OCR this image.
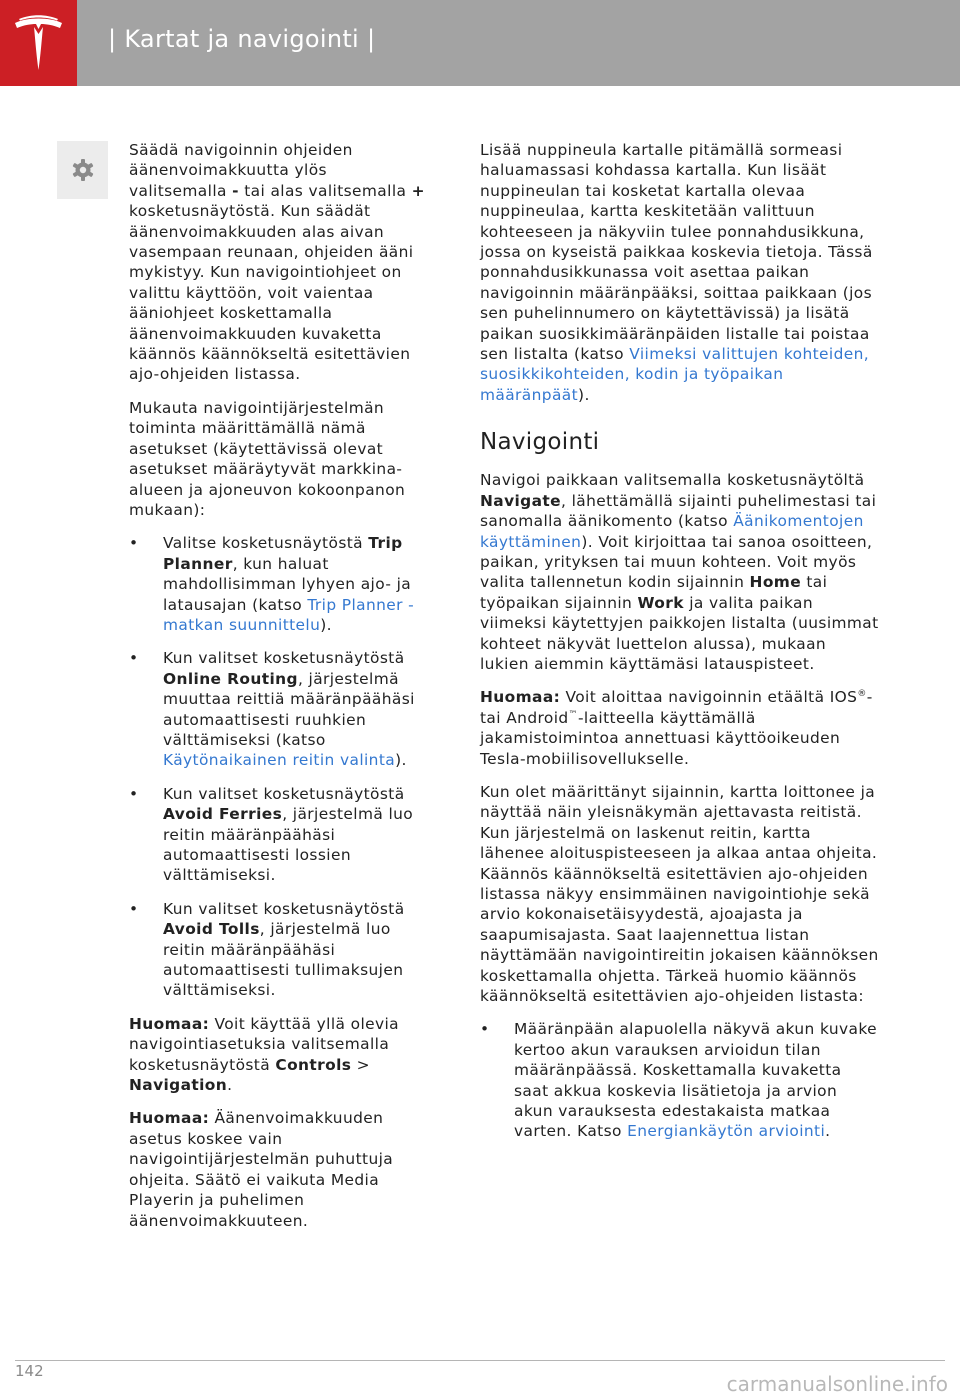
| Kartat ja navigointi |

Säädä navigoinnin ohjeiden äänenvoimakkuutta ylös valitsemalla - tai alas valitsemalla + kosketusnäytöstä. Kun säädät äänenvoimakkuuden alas aivan vasempaan reunaan, ohjeiden ääni mykistyy. Kun navigointiohjeet on valittu käyttöön, voit vaientaa ääniohjeet koskettamalla äänenvoimakkuuden kuvaketta käännös käännökseltä esitettävien ajo-ohjeiden listassa.

Mukauta navigointijärjestelmän toiminta määrittämällä nämä asetukset (käytettävissä olevat asetukset määräytyvät markkina-alueen ja ajoneuvon kokoonpanon mukaan):

• Valitse kosketusnäytöstä Trip Planner, kun haluat mahdollisimman lyhyen ajo- ja latausajan (katso Trip Planner - matkan suunnittelu).
• Kun valitset kosketusnäytöstä Online Routing, järjestelmä muuttaa reittiä määränpäähäsi automaattisesti ruuhkien välttämiseksi (katso Käytönaikainen reitin valinta).
• Kun valitset kosketusnäytöstä Avoid Ferries, järjestelmä luo reitin määränpäähäsi automaattisesti lossien välttämiseksi.
• Kun valitset kosketusnäytöstä Avoid Tolls, järjestelmä luo reitin määränpäähäsi automaattisesti tullimaksujen välttämiseksi.

Huomaa: Voit käyttää yllä olevia navigointiasetuksia valitsemalla kosketusnäytöstä Controls > Navigation.

Huomaa: Äänenvoimakkuuden asetus koskee vain navigointijärjestelmän puhuttuja ohjeita. Säätö ei vaikuta Media Playerin ja puhelimen äänenvoimakkuuteen.

Lisää nuppineula kartalle pitämällä sormeasi haluamassasi kohdassa kartalla. Kun lisäät nuppineulan tai kosketat kartalla olevaa nuppineulaa, kartta keskitetään valittuun kohteeseen ja näkyviin tulee ponnahdusikkuna, jossa on kyseistä paikkaa koskevia tietoja. Tässä ponnahdusikkunassa voit asettaa paikan navigoinnin määränpääksi, soittaa paikkaan (jos sen puhelinnumero on käytettävissä) ja lisätä paikan suosikkimääränpäiden listalle tai poistaa sen listalta (katso Viimeksi valittujen kohteiden, suosikkikohteiden, kodin ja työpaikan määränpäät).

Navigointi

Navigoi paikkaan valitsemalla kosketusnäytöltä Navigate, lähettämällä sijainti puhelimestasi tai sanomalla äänikomento (katso Äänikomentojen käyttäminen). Voit kirjoittaa tai sanoa osoitteen, paikan, yrityksen tai muun kohteen. Voit myös valita tallennetun kodin sijainnin Home tai työpaikan sijainnin Work ja valita paikan viimeksi käytettyjen paikkojen listalta (uusimmat kohteet näkyvät luettelon alussa), mukaan lukien aiemmin käyttämäsi latauspisteet.

Huomaa: Voit aloittaa navigoinnin etäältä IOS®-tai Android™-laitteella käyttämällä jakamistoimintoa annettuasi käyttöoikeuden Tesla-mobiilisovellukselle.

Kun olet määrittänyt sijainnin, kartta loittonee ja näyttää näin yleisnäkymän ajettavasta reitistä. Kun järjestelmä on laskenut reitin, kartta lähenee aloituspisteeseen ja alkaa antaa ohjeita. Käännös käännökseltä esitettävien ajo-ohjeiden listassa näkyy ensimmäinen navigointiohje sekä arvio kokonaisetäisyydestä, ajoajasta ja saapumisajasta. Saat laajennettua listan näyttämään navigointireitin jokaisen käännöksen koskettamalla ohjetta. Tärkeä huomio käännös käännökseltä esitettävien ajo-ohjeiden listasta:

• Määränpään alapuolella näkyvä akun kuvake kertoo akun varauksen arvioidun tilan määränpäässä. Koskettamalla kuvaketta saat akkua koskevia lisätietoja ja arvion akun varauksesta edestakaista matkaa varten. Katso Energiankäytön arviointi.
142
carmanualsonline.info
